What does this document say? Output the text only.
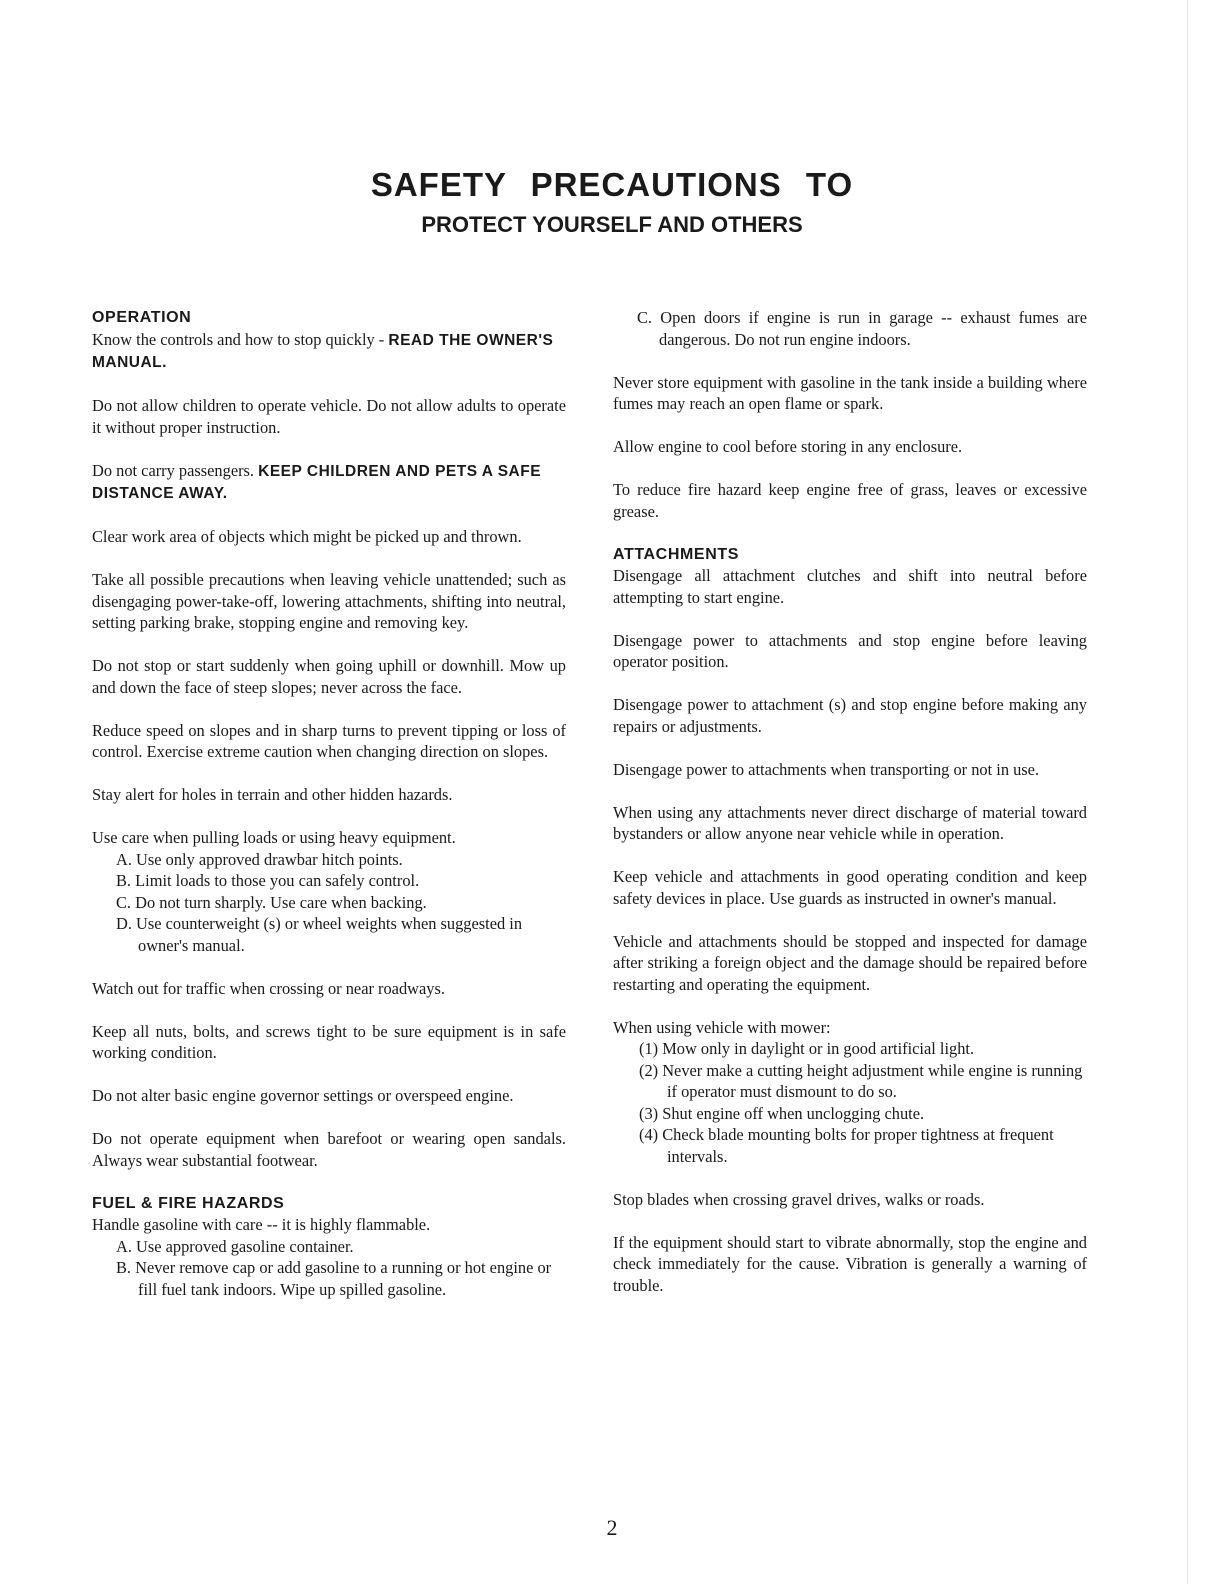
SAFETY PRECAUTIONS TO
PROTECT YOURSELF AND OTHERS
OPERATION

Know the controls and how to stop quickly - READ THE OWNER'S MANUAL.

Do not allow children to operate vehicle. Do not allow adults to operate it without proper instruction.

Do not carry passengers. KEEP CHILDREN AND PETS A SAFE DISTANCE AWAY.

Clear work area of objects which might be picked up and thrown.

Take all possible precautions when leaving vehicle unattended; such as disengaging power-take-off, lowering attachments, shifting into neutral, setting parking brake, stopping engine and removing key.

Do not stop or start suddenly when going uphill or downhill. Mow up and down the face of steep slopes; never across the face.

Reduce speed on slopes and in sharp turns to prevent tipping or loss of control. Exercise extreme caution when changing direction on slopes.

Stay alert for holes in terrain and other hidden hazards.

Use care when pulling loads or using heavy equipment.
A. Use only approved drawbar hitch points.
B. Limit loads to those you can safely control.
C. Do not turn sharply. Use care when backing.
D. Use counterweight (s) or wheel weights when suggested in owner's manual.

Watch out for traffic when crossing or near roadways.

Keep all nuts, bolts, and screws tight to be sure equipment is in safe working condition.

Do not alter basic engine governor settings or overspeed engine.

Do not operate equipment when barefoot or wearing open sandals. Always wear substantial footwear.

FUEL & FIRE HAZARDS
Handle gasoline with care -- it is highly flammable.
A. Use approved gasoline container.
B. Never remove cap or add gasoline to a running or hot engine or fill fuel tank indoors. Wipe up spilled gasoline.

C. Open doors if engine is run in garage -- exhaust fumes are dangerous. Do not run engine indoors.

Never store equipment with gasoline in the tank inside a building where fumes may reach an open flame or spark.

Allow engine to cool before storing in any enclosure.

To reduce fire hazard keep engine free of grass, leaves or excessive grease.

ATTACHMENTS

Disengage all attachment clutches and shift into neutral before attempting to start engine.

Disengage power to attachments and stop engine before leaving operator position.

Disengage power to attachment (s) and stop engine before making any repairs or adjustments.

Disengage power to attachments when transporting or not in use.

When using any attachments never direct discharge of material toward bystanders or allow anyone near vehicle while in operation.

Keep vehicle and attachments in good operating condition and keep safety devices in place. Use guards as instructed in owner's manual.

Vehicle and attachments should be stopped and inspected for damage after striking a foreign object and the damage should be repaired before restarting and operating the equipment.

When using vehicle with mower:
(1) Mow only in daylight or in good artificial light.
(2) Never make a cutting height adjustment while engine is running if operator must dismount to do so.
(3) Shut engine off when unclogging chute.
(4) Check blade mounting bolts for proper tightness at frequent intervals.

Stop blades when crossing gravel drives, walks or roads.

If the equipment should start to vibrate abnormally, stop the engine and check immediately for the cause. Vibration is generally a warning of trouble.

2
